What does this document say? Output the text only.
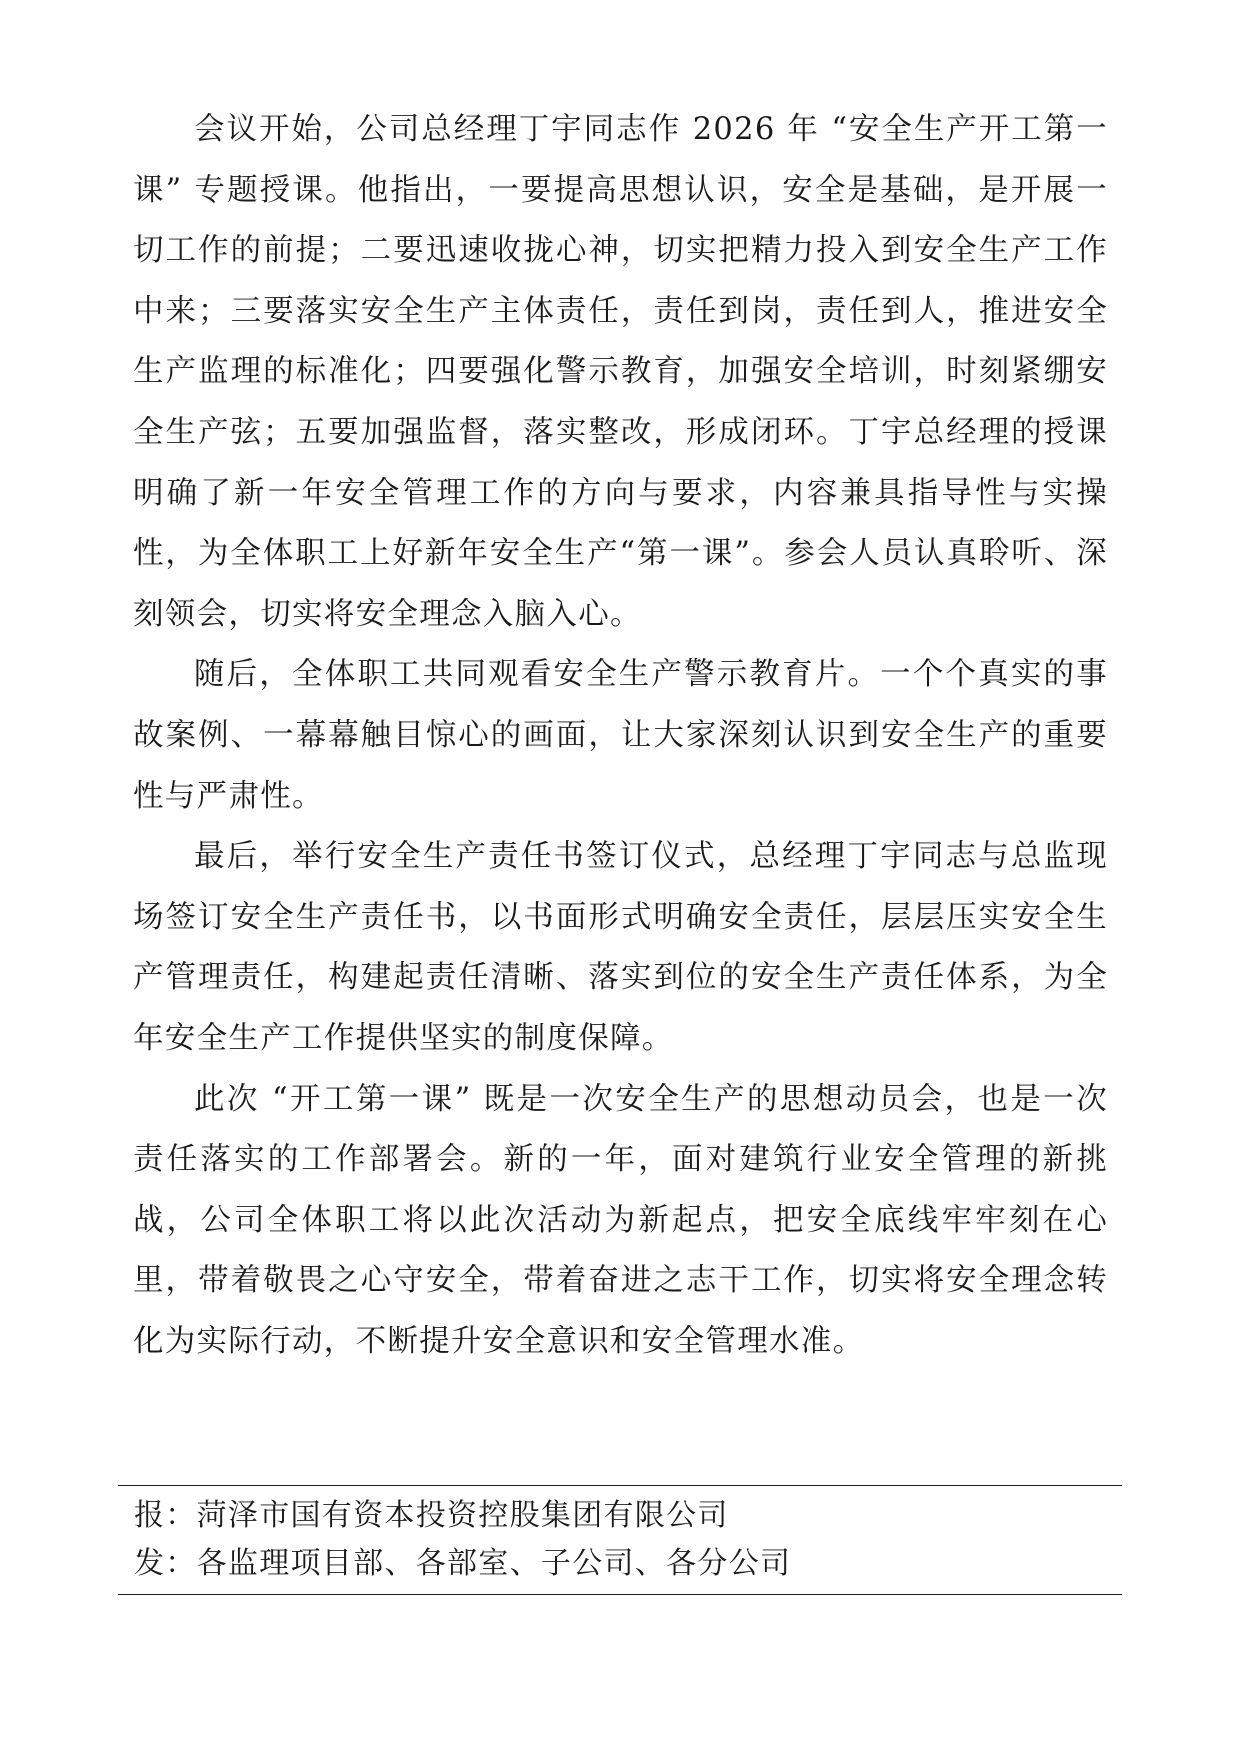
会议开始，公司总经理丁宇同志作 2026 年 “安全生产开工第一课” 专题授课。他指出，一要提高思想认识，安全是基础，是开展一切工作的前提；二要迅速收拢心神，切实把精力投入到安全生产工作中来；三要落实安全生产主体责任，责任到岗，责任到人，推进安全生产监理的标准化；四要强化警示教育，加强安全培训，时刻紧绷安全生产弦；五要加强监督，落实整改，形成闭环。丁宇总经理的授课明确了新一年安全管理工作的方向与要求，内容兼具指导性与实操性，为全体职工上好新年安全生产“第一课”。参会人员认真聆听、深刻领会，切实将安全理念入脑入心。

随后，全体职工共同观看安全生产警示教育片。一个个真实的事故案例、一幕幕触目惊心的画面，让大家深刻认识到安全生产的重要性与严肃性。

最后，举行安全生产责任书签订仪式，总经理丁宇同志与总监现场签订安全生产责任书，以书面形式明确安全责任，层层压实安全生产管理责任，构建起责任清晰、落实到位的安全生产责任体系，为全年安全生产工作提供坚实的制度保障。

此次 “开工第一课” 既是一次安全生产的思想动员会，也是一次责任落实的工作部署会。新的一年，面对建筑行业安全管理的新挑战，公司全体职工将以此次活动为新起点，把安全底线牢牢刻在心里，带着敬畏之心守安全，带着奋进之志干工作，切实将安全理念转化为实际行动，不断提升安全意识和安全管理水准。

报：菏泽市国有资本投资控股集团有限公司

发：各监理项目部、各部室、子公司、各分公司
